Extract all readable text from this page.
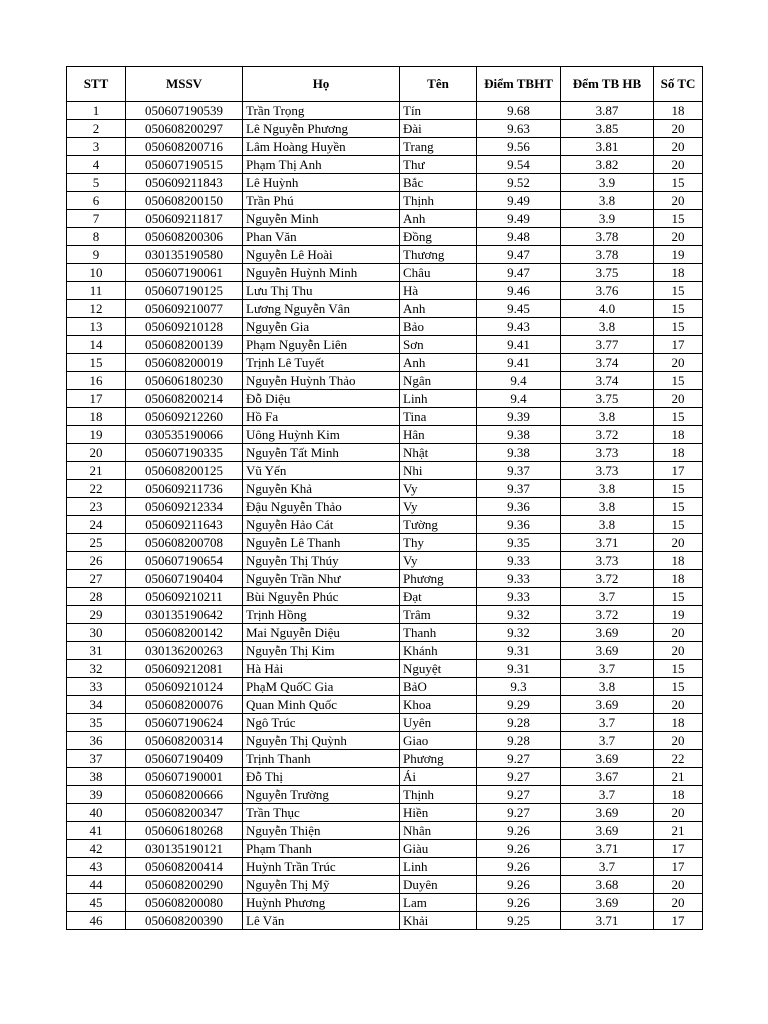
STT	MSSV	Họ	Tên	Điểm TBHT	Đểm TB HB	Số TC
1	050607190539	Trần Trọng	Tín	9.68	3.87	18
2	050608200297	Lê Nguyễn Phương	Đài	9.63	3.85	20
3	050608200716	Lâm Hoàng Huyền	Trang	9.56	3.81	20
4	050607190515	Phạm Thị Anh	Thư	9.54	3.82	20
5	050609211843	Lê Huỳnh	Bắc	9.52	3.9	15
6	050608200150	Trần Phú	Thịnh	9.49	3.8	20
7	050609211817	Nguyễn Minh	Anh	9.49	3.9	15
8	050608200306	Phan Văn	Đồng	9.48	3.78	20
9	030135190580	Nguyễn Lê Hoài	Thương	9.47	3.78	19
10	050607190061	Nguyễn Huỳnh Minh	Châu	9.47	3.75	18
11	050607190125	Lưu Thị Thu	Hà	9.46	3.76	15
12	050609210077	Lương Nguyễn Vân	Anh	9.45	4.0	15
13	050609210128	Nguyễn Gia	Bảo	9.43	3.8	15
14	050608200139	Phạm Nguyễn Liên	Sơn	9.41	3.77	17
15	050608200019	Trịnh Lê Tuyết	Anh	9.41	3.74	20
16	050606180230	Nguyễn Huỳnh Thảo	Ngân	9.4	3.74	15
17	050608200214	Đỗ Diệu	Linh	9.4	3.75	20
18	050609212260	Hồ Fa	Tina	9.39	3.8	15
19	030535190066	Uông Huỳnh Kim	Hân	9.38	3.72	18
20	050607190335	Nguyễn Tất Minh	Nhật	9.38	3.73	18
21	050608200125	Vũ Yến	Nhi	9.37	3.73	17
22	050609211736	Nguyễn Khả	Vy	9.37	3.8	15
23	050609212334	Đậu Nguyễn Thảo	Vy	9.36	3.8	15
24	050609211643	Nguyễn Hảo Cát	Tường	9.36	3.8	15
25	050608200708	Nguyễn Lê Thanh	Thy	9.35	3.71	20
26	050607190654	Nguyễn Thị Thúy	Vy	9.33	3.73	18
27	050607190404	Nguyễn Trần Như	Phương	9.33	3.72	18
28	050609210211	Bùi Nguyễn Phúc	Đạt	9.33	3.7	15
29	030135190642	Trịnh Hồng	Trâm	9.32	3.72	19
30	050608200142	Mai Nguyễn Diệu	Thanh	9.32	3.69	20
31	030136200263	Nguyễn Thị Kim	Khánh	9.31	3.69	20
32	050609212081	Hà Hải	Nguyệt	9.31	3.7	15
33	050609210124	PhạM QuốC Gia	BảO	9.3	3.8	15
34	050608200076	Quan Minh Quốc	Khoa	9.29	3.69	20
35	050607190624	Ngô Trúc	Uyên	9.28	3.7	18
36	050608200314	Nguyễn Thị Quỳnh	Giao	9.28	3.7	20
37	050607190409	Trịnh Thanh	Phương	9.27	3.69	22
38	050607190001	Đỗ Thị	Ái	9.27	3.67	21
39	050608200666	Nguyễn Trường	Thịnh	9.27	3.7	18
40	050608200347	Trần Thục	Hiền	9.27	3.69	20
41	050606180268	Nguyễn Thiện	Nhân	9.26	3.69	21
42	030135190121	Phạm Thanh	Giàu	9.26	3.71	17
43	050608200414	Huỳnh Trần Trúc	Linh	9.26	3.7	17
44	050608200290	Nguyễn Thị Mỹ	Duyên	9.26	3.68	20
45	050608200080	Huỳnh Phương	Lam	9.26	3.69	20
46	050608200390	Lê Văn	Khải	9.25	3.71	17
